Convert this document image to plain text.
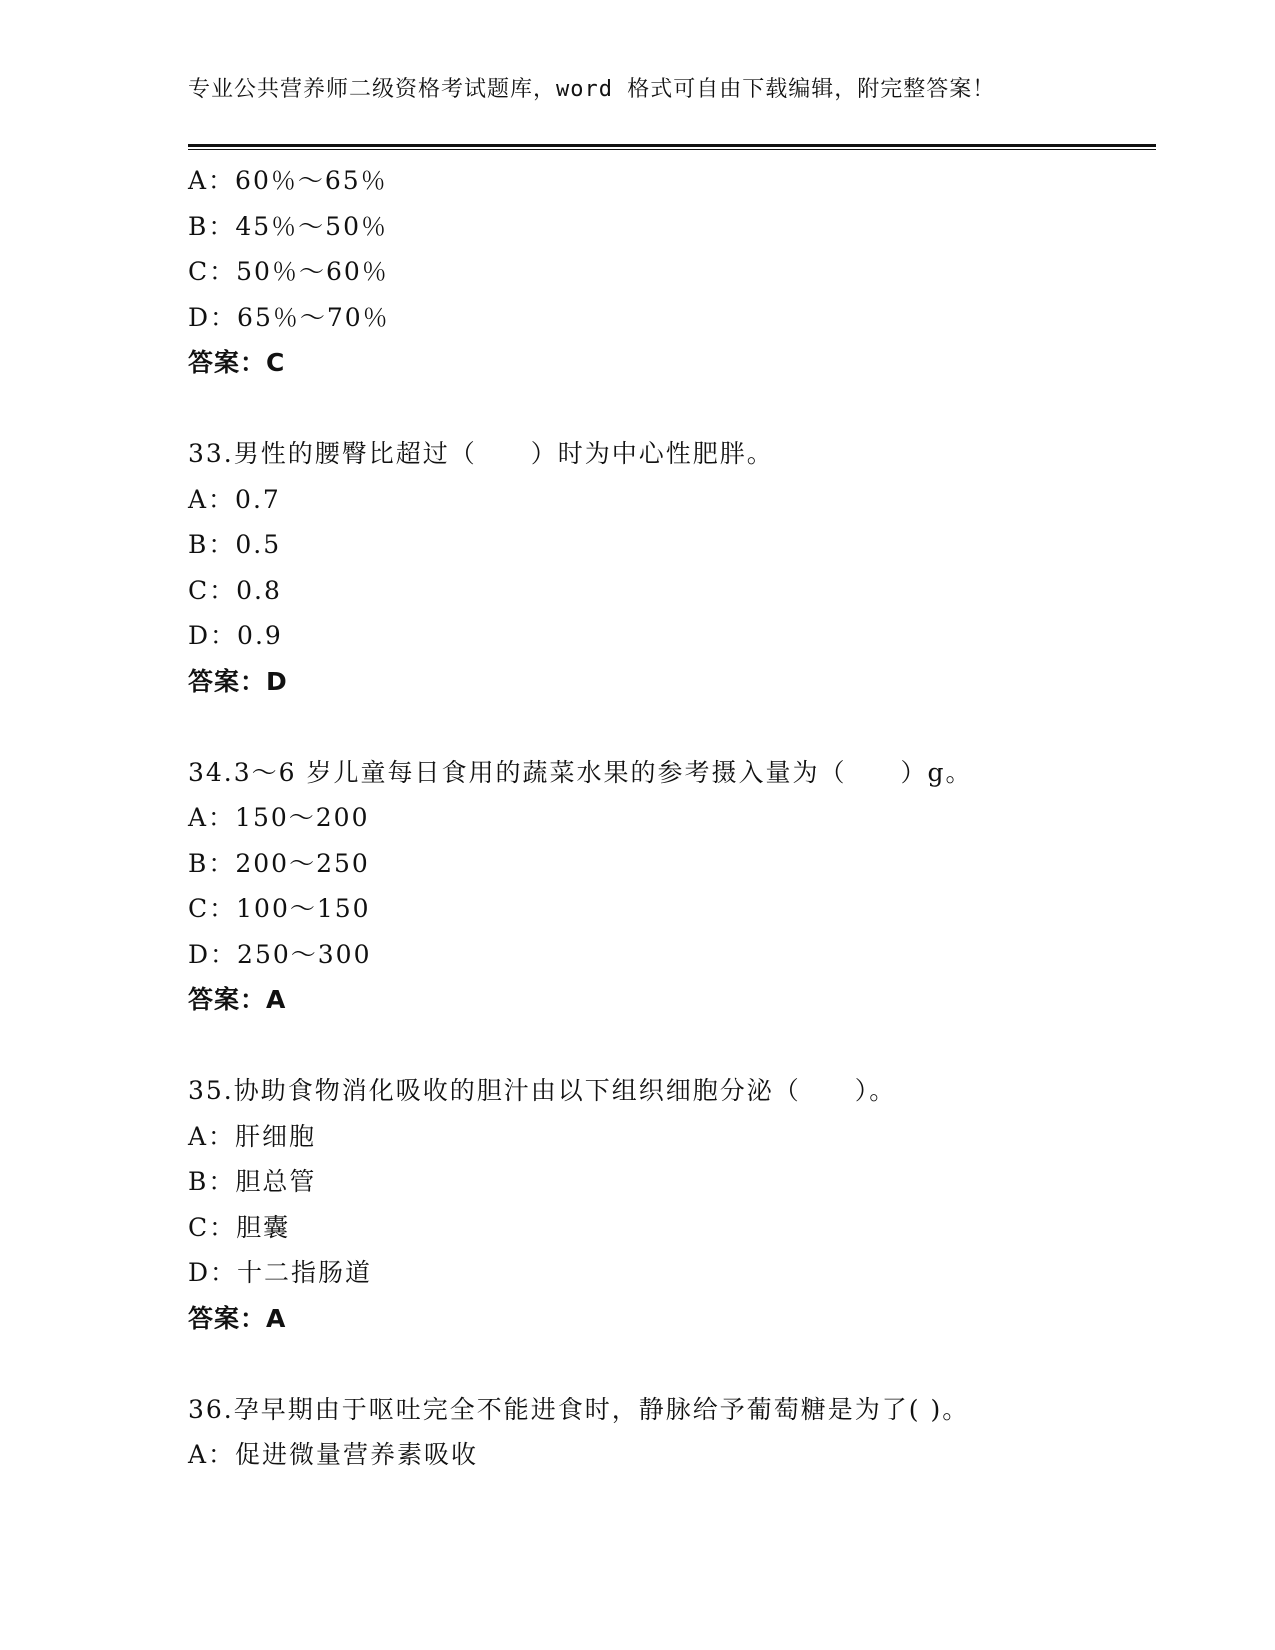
专业公共营养师二级资格考试题库，word 格式可自由下载编辑，附完整答案！
A：60％～65％
B：45％～50％
C：50％～60％
D：65％～70％
答案：C
33.男性的腰臀比超过（　　）时为中心性肥胖。
A：0.7
B：0.5
C：0.8
D：0.9
答案：D
34.3～6 岁儿童每日食用的蔬菜水果的参考摄入量为（　　）g。
A：150～200
B：200～250
C：100～150
D：250～300
答案：A
35.协助食物消化吸收的胆汁由以下组织细胞分泌（　　）。
A：肝细胞
B：胆总管
C：胆囊
D：十二指肠道
答案：A
36.孕早期由于呕吐完全不能进食时，静脉给予葡萄糖是为了( )。
A：促进微量营养素吸收
